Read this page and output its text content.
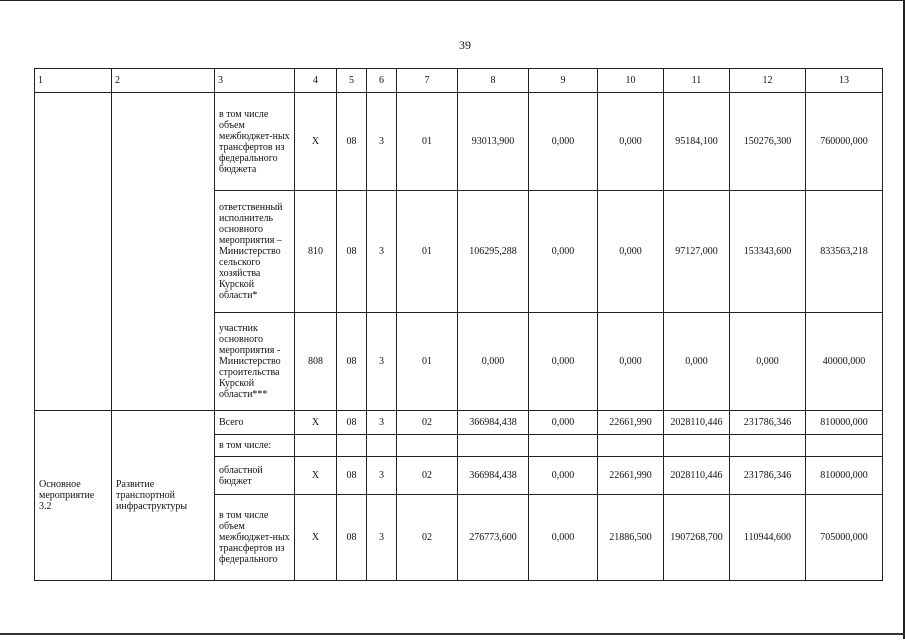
39
1	2	3	4	5	6	7	8	9	10	11	12	13
		в том числе объем межбюджет-ных трансфертов из федерального бюджета	X	08	3	01	93013,900	0,000	0,000	95184,100	150276,300	760000,000
		ответственный исполнитель основного мероприятия – Министерство сельского хозяйства Курской области*	810	08	3	01	106295,288	0,000	0,000	97127,000	153343,600	833563,218
		участник основного мероприятия - Министерство строительства Курской области***	808	08	3	01	0,000	0,000	0,000	0,000	0,000	40000,000
Основное мероприятие 3.2	Развитие транспортной инфраструктуры	Всего	X	08	3	02	366984,438	0,000	22661,990	2028110,446	231786,346	810000,000
		в том числе:										
		областной бюджет	X	08	3	02	366984,438	0,000	22661,990	2028110,446	231786,346	810000,000
		в том числе объем межбюджет-ных трансфертов из федерального	X	08	3	02	276773,600	0,000	21886,500	1907268,700	110944,600	705000,000
